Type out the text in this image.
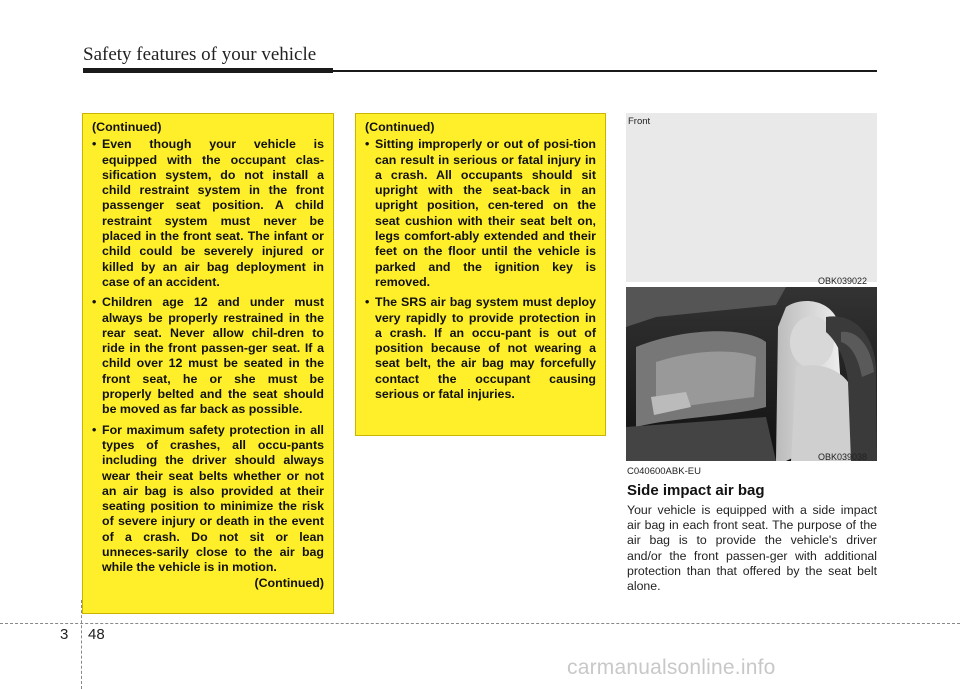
Safety features of your vehicle
(Continued)
• Even though your vehicle is equipped with the occupant clas-sification system, do not install a child restraint system in the front passenger seat position. A child restraint system must never be placed in the front seat. The infant or child could be severely injured or killed by an air bag deployment in case of an accident.
• Children age 12 and under must always be properly restrained in the rear seat. Never allow chil-dren to ride in the front passen-ger seat. If a child over 12 must be seated in the front seat, he or she must be properly belted and the seat should be moved as far back as possible.
• For maximum safety protection in all types of crashes, all occu-pants including the driver should always wear their seat belts whether or not an air bag is also provided at their seating position to minimize the risk of severe injury or death in the event of a crash. Do not sit or lean unneces-sarily close to the air bag while the vehicle is in motion.
(Continued)
(Continued)
• Sitting improperly or out of posi-tion can result in serious or fatal injury in a crash. All occupants should sit upright with the seat-back in an upright position, cen-tered on the seat cushion with their seat belt on, legs comfort-ably extended and their feet on the floor until the vehicle is parked and the ignition key is removed.
• The SRS air bag system must deploy very rapidly to provide protection in a crash. If an occu-pant is out of position because of not wearing a seat belt, the air bag may forcefully contact the occupant causing serious or fatal injuries.
Front
OBK039022
OBK039038
C040600ABK-EU
Side impact air bag
Your vehicle is equipped with a side impact air bag in each front seat. The purpose of the air bag is to provide the vehicle's driver and/or the front passen-ger with additional protection than that offered by the seat belt alone.
3 48
carmanualsonline.info
